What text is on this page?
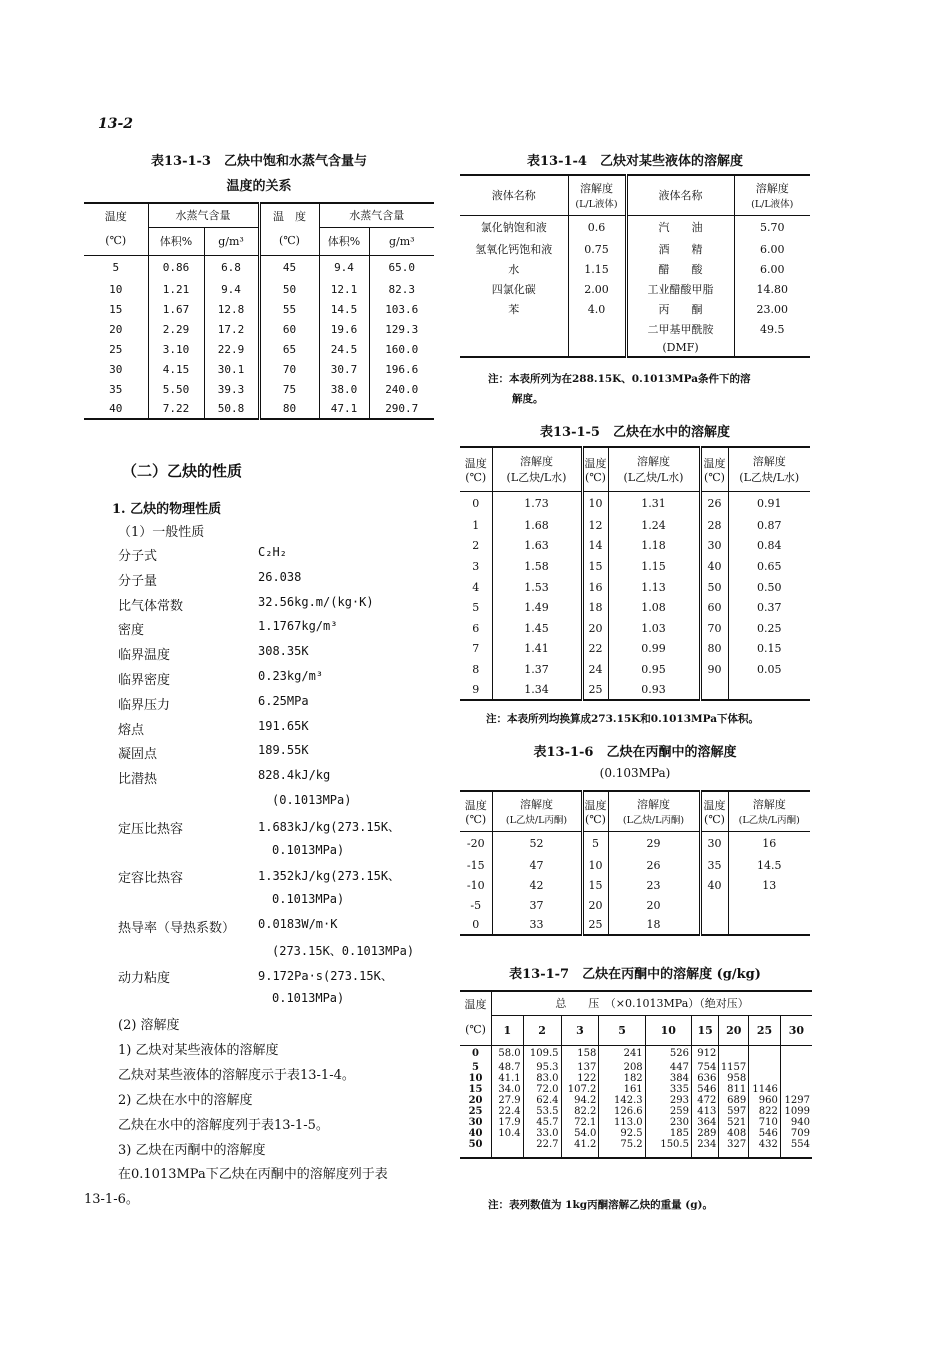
13-2
表13-1-3　乙炔中饱和水蒸气含量与
温度的关系
温度	水蒸气含量		温　度	水蒸气含量	
(℃)	体积%	g/m³	(℃)	体积%	g/m³
5	0.86	6.8	45	9.4	65.0
10	1.21	9.4	50	12.1	82.3
15	1.67	12.8	55	14.5	103.6
20	2.29	17.2	60	19.6	129.3
25	3.10	22.9	65	24.5	160.0
30	4.15	30.1	70	30.7	196.6
35	5.50	39.3	75	38.0	240.0
40	7.22	50.8	80	47.1	290.7
（二）乙炔的性质
1. 乙炔的物理性质
（1）一般性质
分子式	C₂H₂
分子量	26.038
比气体常数	32.56kg.m/(kg·K)
密度	1.1767kg/m³
临界温度	308.35K
临界密度	0.23kg/m³
临界压力	6.25MPa
熔点	191.65K
凝固点	189.55K
比潜热	828.4kJ/kg
(0.1013MPa)
定压比热容	1.683kJ/kg(273.15K、
0.1013MPa)
定容比热容	1.352kJ/kg(273.15K、
0.1013MPa)
热导率（导热系数） 0.0183W/m·K
(273.15K、0.1013MPa)
动力粘度	9.172Pa·s(273.15K、
0.1013MPa)
(2) 溶解度
1) 乙炔对某些液体的溶解度
乙炔对某些液体的溶解度示于表13-1-4。
2) 乙炔在水中的溶解度
乙炔在水中的溶解度列于表13-1-5。
3) 乙炔在丙酮中的溶解度
在0.1013MPa下乙炔在丙酮中的溶解度列于表
13-1-6。
表13-1-4　乙炔对某些液体的溶解度
液体名称	溶解度
(L/L液体)	液体名称	溶解度
(L/L液体)
氯化钠饱和液	0.6	汽　　油	5.70
氢氧化钙饱和液	0.75	酒　　精	6.00
水	1.15	醋　　酸	6.00
四氯化碳	2.00	工业醋酸甲脂	14.80
苯	4.0	丙　　酮	23.00
		二甲基甲酰胺	49.5
		(DMF)	
注：本表所列为在288.15K、0.1013MPa条件下的溶
解度。
表13-1-5　乙炔在水中的溶解度
温度
(℃)	溶解度
(L乙炔/L水)	温度
(℃)	溶解度
(L乙炔/L水)	温度
(℃)	溶解度
(L乙炔/L水)
0	1.73	10	1.31	26	0.91
1	1.68	12	1.24	28	0.87
2	1.63	14	1.18	30	0.84
3	1.58	15	1.15	40	0.65
4	1.53	16	1.13	50	0.50
5	1.49	18	1.08	60	0.37
6	1.45	20	1.03	70	0.25
7	1.41	22	0.99	80	0.15
8	1.37	24	0.95	90	0.05
9	1.34	25	0.93		
注：本表所列均换算成273.15K和0.1013MPa下体积。
表13-1-6　乙炔在丙酮中的溶解度
(0.103MPa)
温度
(℃)	溶解度
(L乙炔/L丙酮)	温度
(℃)	溶解度
(L乙炔/L丙酮)	温度
(℃)	溶解度
(L乙炔/L丙酮)
-20	52	5	29	30	16
-15	47	10	26	35	14.5
-10	42	15	23	40	13
-5	37	20	20		
0	33	25	18		
表13-1-7　乙炔在丙酮中的溶解度 (g/kg)
温度	总　　压　（×0.1013MPa）（绝对压）								
(℃)	1	2	3	5	10	15	20	25	30
0	58.0	109.5	158	241	526	912			
5	48.7	95.3	137	208	447	754	1157		
10	41.1	83.0	122	182	384	636	958		
15	34.0	72.0	107.2	161	335	546	811	1146	
20	27.9	62.4	94.2	142.3	293	472	689	960	1297
25	22.4	53.5	82.2	126.6	259	413	597	822	1099
30	17.9	45.7	72.1	113.0	230	364	521	710	940
40	10.4	33.0	54.0	92.5	185	289	408	546	709
50		22.7	41.2	75.2	150.5	234	327	432	554

注：表列数值为 1kg丙酮溶解乙炔的重量 (g)。
